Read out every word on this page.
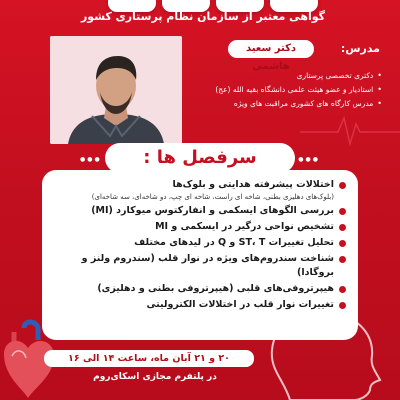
گواهی معتبر از سازمان نظام پرستاری کشور
مدرس:
دکتر سعید هاشمی
•
دکتری تخصصی پرستاری
•
استادیار و عضو هیئت علمی دانشگاه بقیه الله (عج)
•
مدرس کارگاه های کشوری مراقبت های ویژه
●●●
●●●	سرفصل ها :
اختلالات پیشرفته هدایتی و بلوک‌ها
(بلوک‌های دهلیزی بطنی، شاخه ای راست، شاخه ای چپ، دو شاخه‌ای، سه شاخه‌ای)
بررسی الگوهای ایسکمی و انفارکتوس میوکارد (MI)
تشخیص نواحی درگیر در ایسکمی و MI
تحلیل تغییرات ST، T و Q در لیدهای مختلف
شناخت سندروم‌های ویژه در نوار قلب (سندروم ولنز و بروگادا)
هیپرتروفی‌های قلبی (هیپرتروفی بطنی و دهلیزی)
تغییرات نوار قلب در اختلالات الکترولیتی
۲۰ و ۲۱ آبان ماه، ساعت ۱۴ الی ۱۶
در پلتفرم مجازی اسکای‌روم
